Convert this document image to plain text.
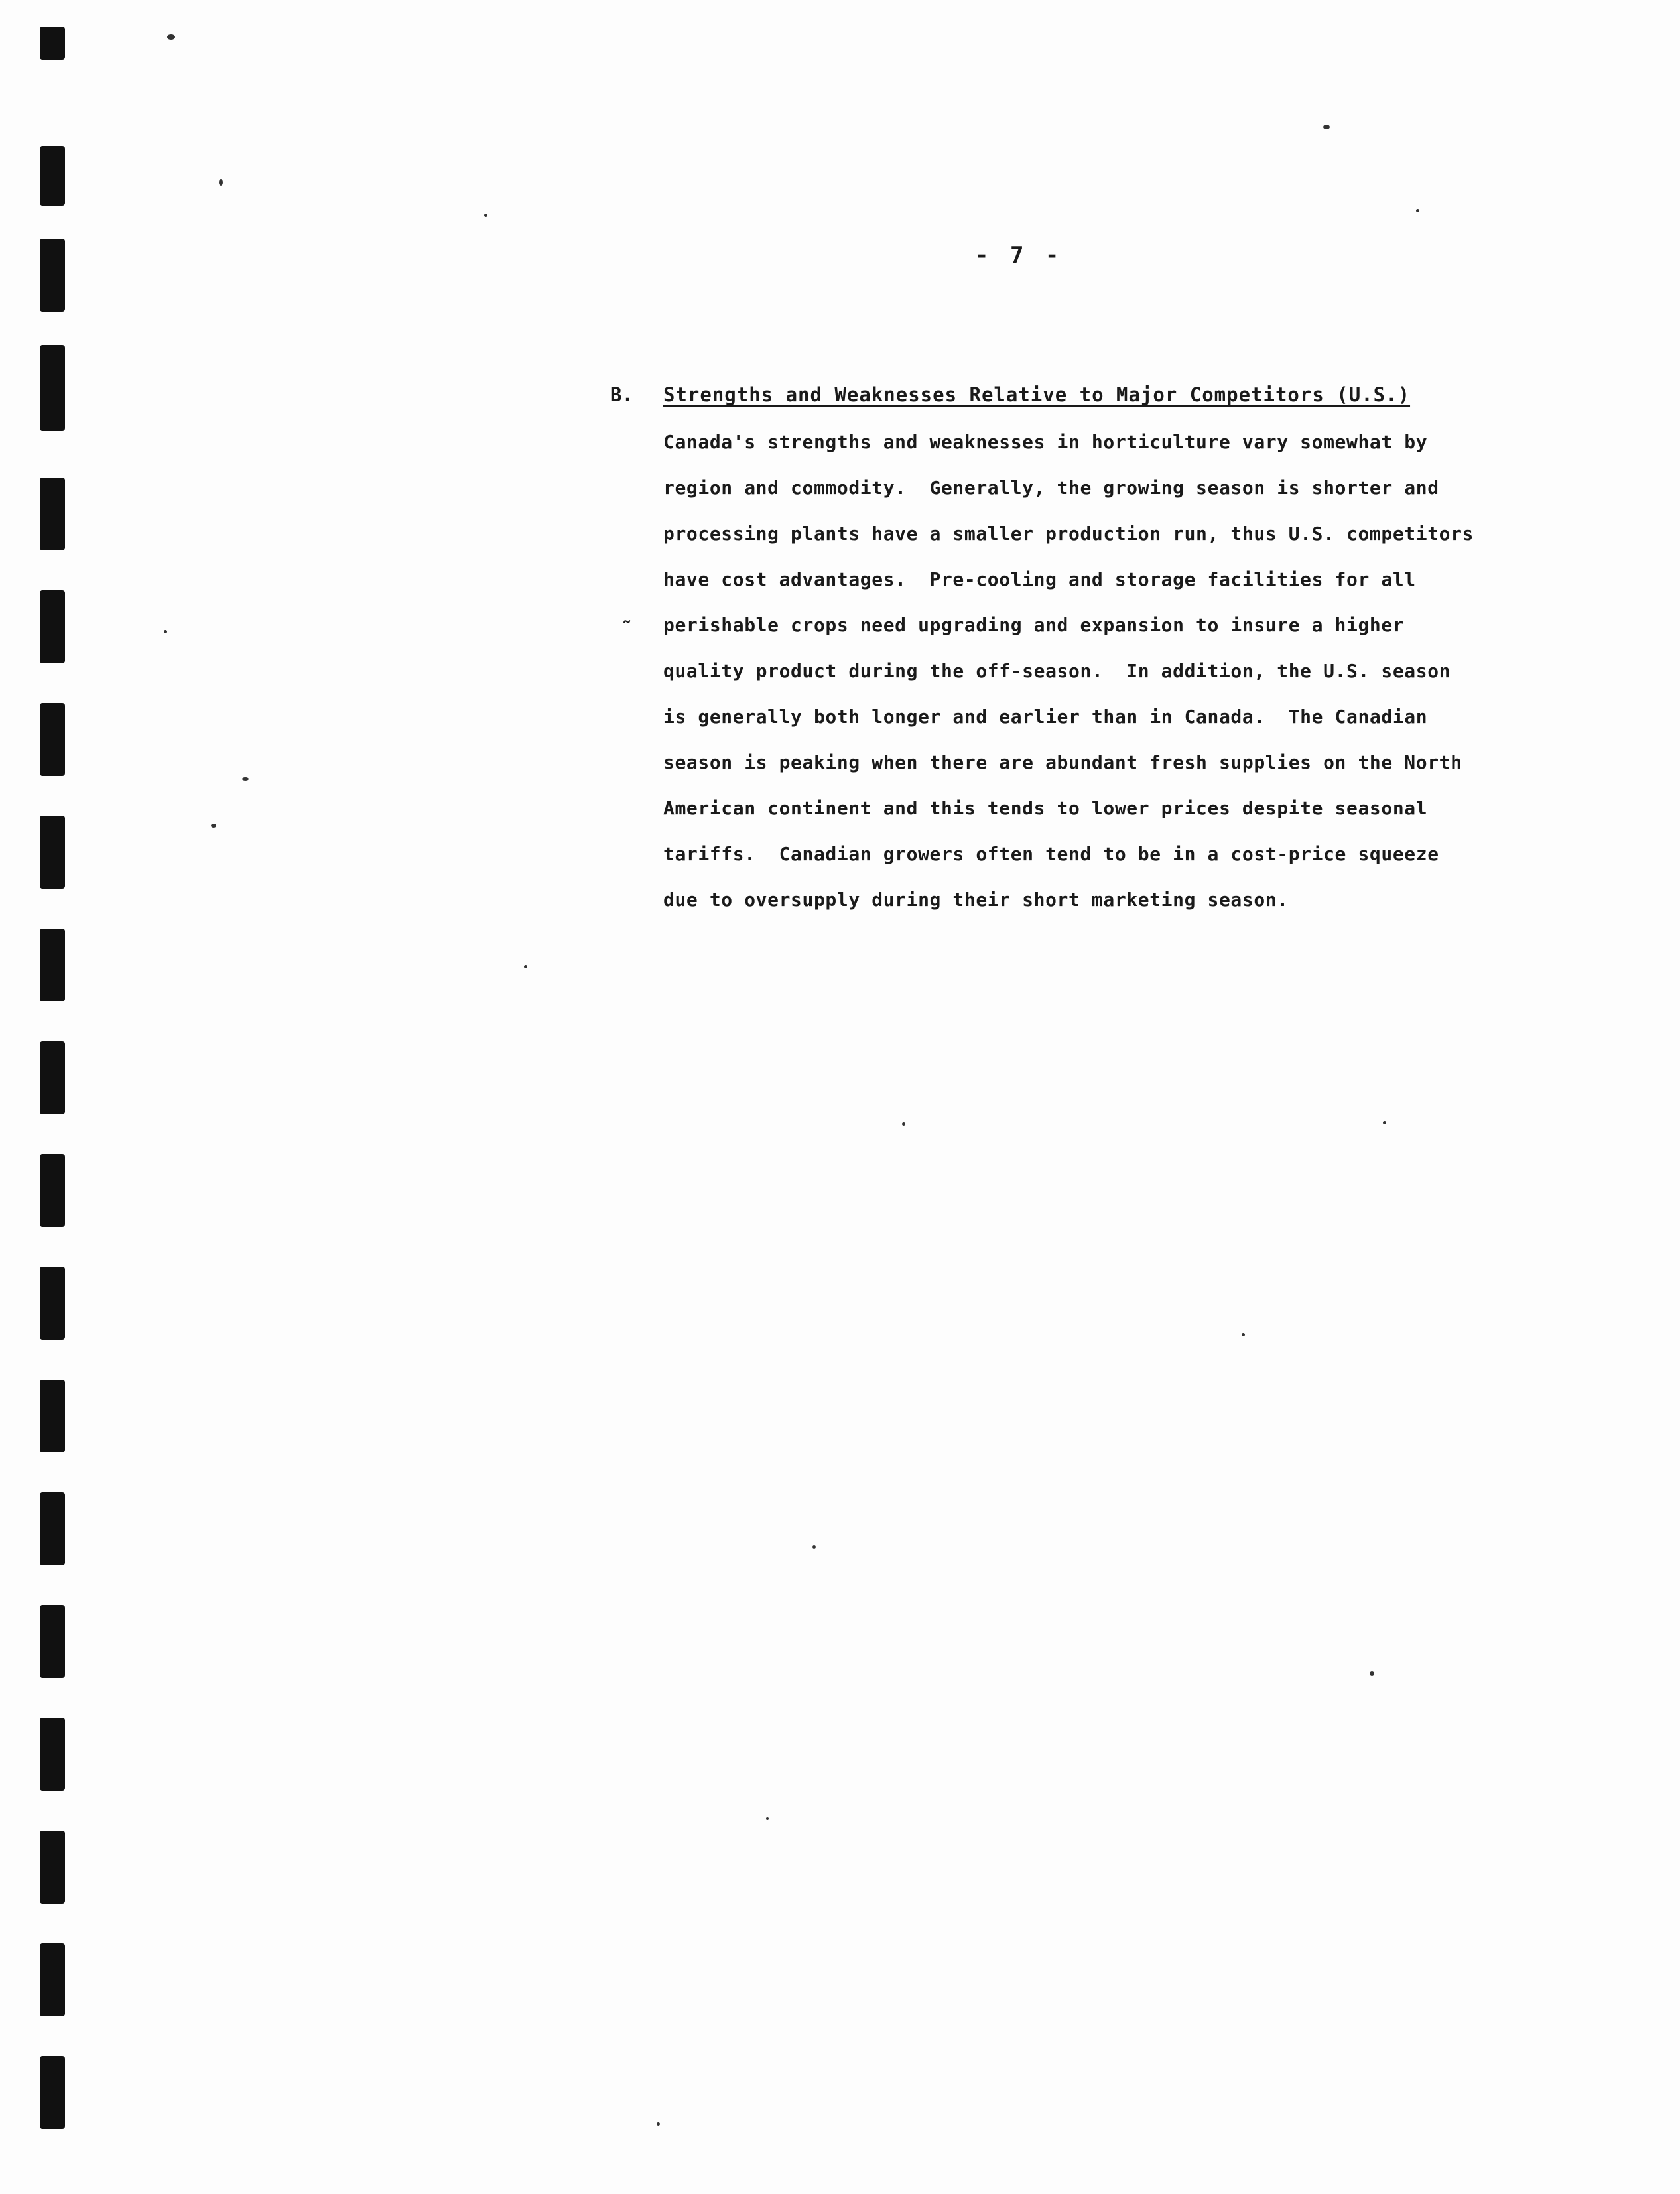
- 7 -
˜
B.	Strengths and Weaknesses Relative to Major Competitors (U.S.)
Canada's strengths and weaknesses in horticulture vary somewhat by
region and commodity.  Generally, the growing season is shorter and
processing plants have a smaller production run, thus U.S. competitors
have cost advantages.  Pre-cooling and storage facilities for all
perishable crops need upgrading and expansion to insure a higher
quality product during the off-season.  In addition, the U.S. season
is generally both longer and earlier than in Canada.  The Canadian
season is peaking when there are abundant fresh supplies on the North
American continent and this tends to lower prices despite seasonal
tariffs.  Canadian growers often tend to be in a cost-price squeeze
due to oversupply during their short marketing season.
